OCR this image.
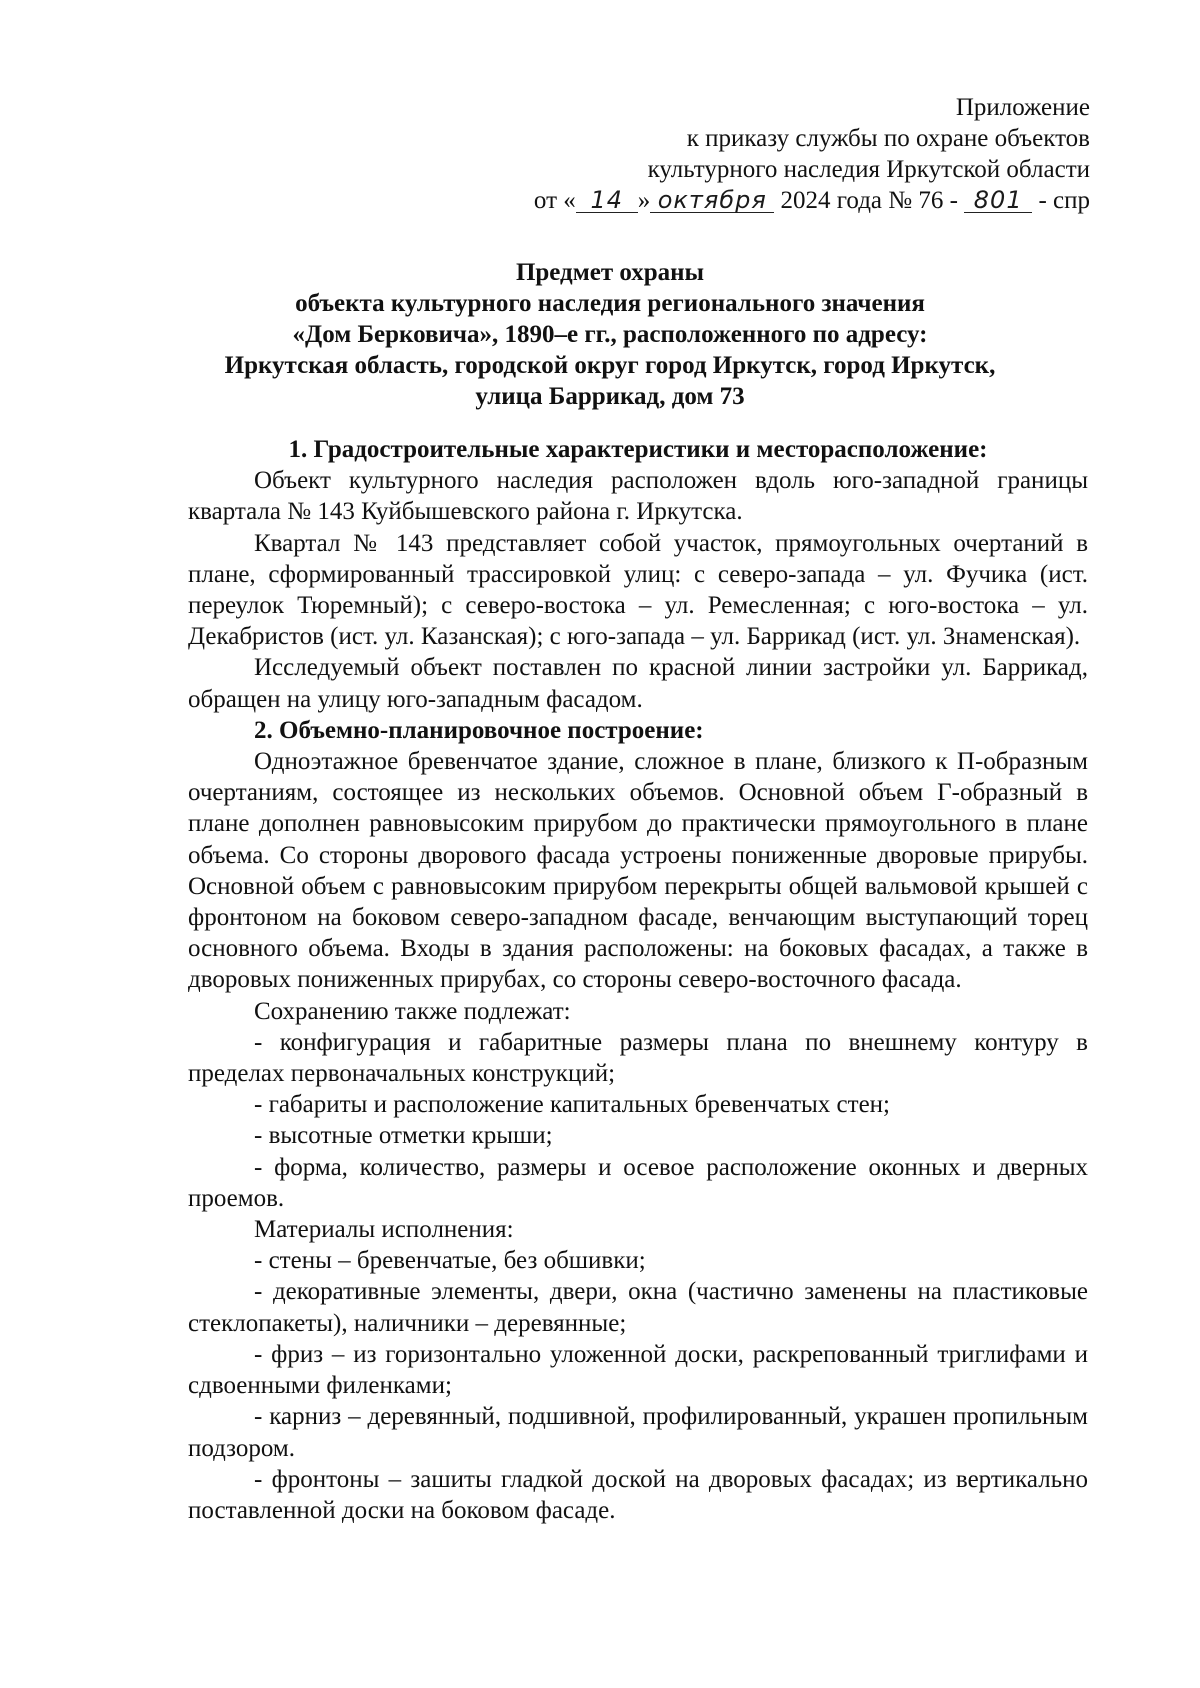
Приложение
к приказу службы по охране объектов
культурного наследия Иркутской области
от « 14 » октября 2024 года № 76 - 801 - спр
Предмет охраны
объекта культурного наследия регионального значения
«Дом Берковича», 1890–е гг., расположенного по адресу:
Иркутская область, городской округ город Иркутск, город Иркутск,
улица Баррикад, дом 73

1. Градостроительные характеристики и месторасположение:

Объект культурного наследия расположен вдоль юго-западной границы квартала № 143 Куйбышевского района г. Иркутска.

Квартал № 143 представляет собой участок, прямоугольных очертаний в плане, сформированный трассировкой улиц: с северо-запада – ул. Фучика (ист. переулок Тюремный); с северо-востока – ул. Ремесленная; с юго-востока – ул. Декабристов (ист. ул. Казанская); с юго-запада – ул. Баррикад (ист. ул. Знаменская).

Исследуемый объект поставлен по красной линии застройки ул. Баррикад, обращен на улицу юго-западным фасадом.

2. Объемно-планировочное построение:

Одноэтажное бревенчатое здание, сложное в плане, близкого к П-образным очертаниям, состоящее из нескольких объемов. Основной объем Г-образный в плане дополнен равновысоким прирубом до практически прямоугольного в плане объема. Со стороны дворового фасада устроены пониженные дворовые прирубы. Основной объем с равновысоким прирубом перекрыты общей вальмовой крышей с фронтоном на боковом северо-западном фасаде, венчающим выступающий торец основного объема. Входы в здания расположены: на боковых фасадах, а также в дворовых пониженных прирубах, со стороны северо-восточного фасада.

Сохранению также подлежат:

- конфигурация и габаритные размеры плана по внешнему контуру в пределах первоначальных конструкций;

- габариты и расположение капитальных бревенчатых стен;

- высотные отметки крыши;

- форма, количество, размеры и осевое расположение оконных и дверных проемов.

Материалы исполнения:

- стены – бревенчатые, без обшивки;

- декоративные элементы, двери, окна (частично заменены на пластиковые стеклопакеты), наличники – деревянные;

- фриз – из горизонтально уложенной доски, раскрепованный триглифами и сдвоенными филенками;

- карниз – деревянный, подшивной, профилированный, украшен пропильным подзором.

- фронтоны – зашиты гладкой доской на дворовых фасадах; из вертикально поставленной доски на боковом фасаде.
